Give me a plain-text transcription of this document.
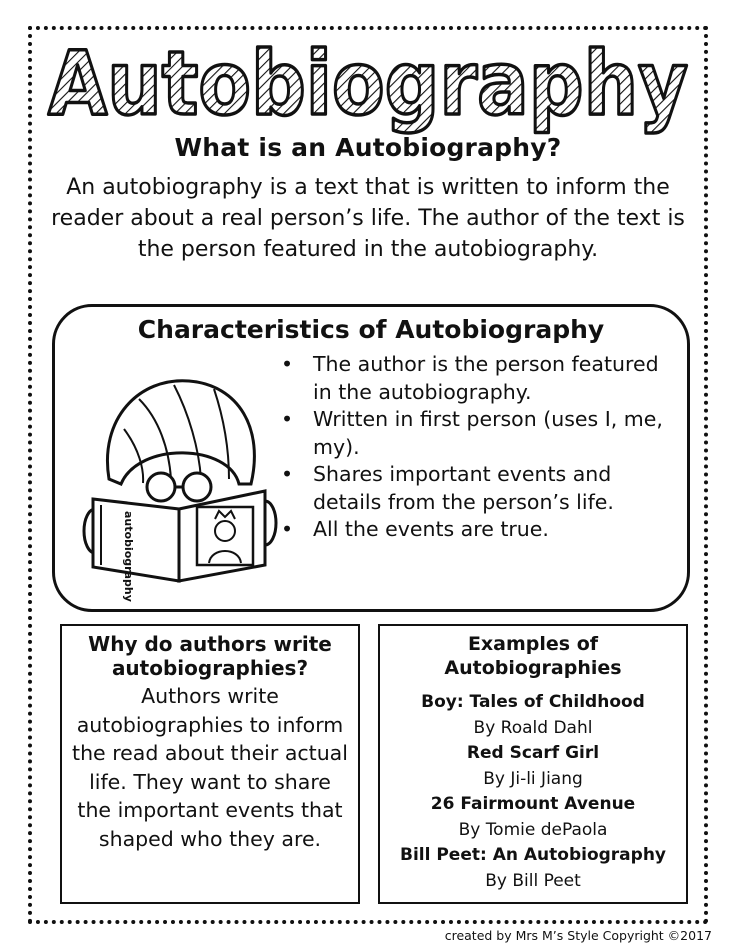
Autobiography
What is an Autobiography?
An autobiography is a text that is written to inform the reader about a real person’s life. The author of the text is the person featured in the autobiography.
Characteristics of Autobiography
autobiography
• The author is the person featured in the autobiography.
• Written in first person (uses I, me, my).
• Shares important events and details from the person’s life.
• All the events are true.
Why do authors write autobiographies?
Authors write autobiographies to inform the read about their actual life. They want to share the important events that shaped who they are.
Examples of Autobiographies
Boy: Tales of Childhood
By Roald Dahl
Red Scarf Girl
By Ji-li Jiang
26 Fairmount Avenue
By Tomie dePaola
Bill Peet: An Autobiography
By Bill Peet
created by Mrs M’s Style Copyright ©2017
